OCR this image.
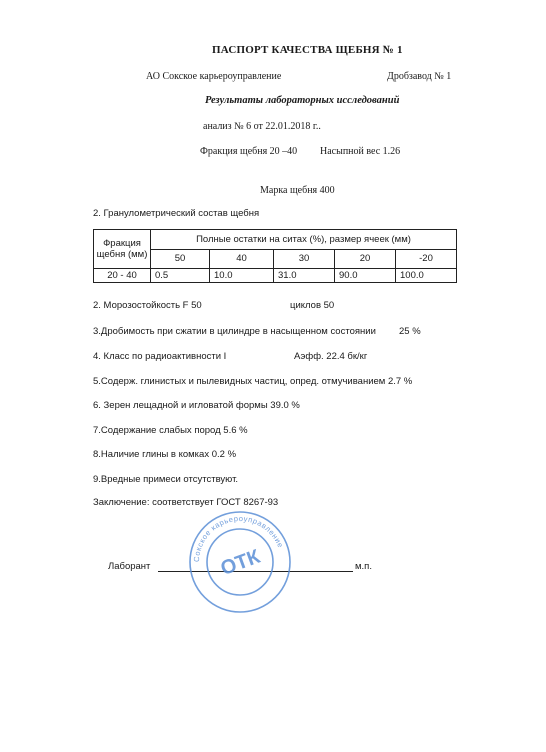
ПАСПОРТ КАЧЕСТВА ЩЕБНЯ № 1
АО Сокское карьероуправление	Дробзавод № 1
Результаты лабораторных исследований
анализ № 6 от 22.01.2018 г..
Фракция щебня 20 –40 Насыпной вес 1.26
Марка щебня 400
2. Гранулометрический состав щебня
Фракция щебня (мм)	Полные остатки на ситах (%), размер ячеек (мм)				
	50	40	30	20	-20
20 - 40	0.5	10.0	31.0	90.0	100.0
2. Морозостойкость F 50	циклов 50
3.Дробимость при сжатии в цилиндре в насыщенном состоянии 25 %
4. Класс по радиоактивности I	Аэфф. 22.4 бк/кг
5.Содерж. глинистых и пылевидных частиц, опред. отмучиванием 2.7 %
6. Зерен лещадной и игловатой формы 39.0 %
7.Содержание слабых пород 5.6 %
8.Наличие глины в комках 0.2 %
9.Вредные примеси отсутствуют.
Заключение: соответствует ГОСТ 8267-93
Лаборант	м.п.
Сокское карьероуправление
ОТК
